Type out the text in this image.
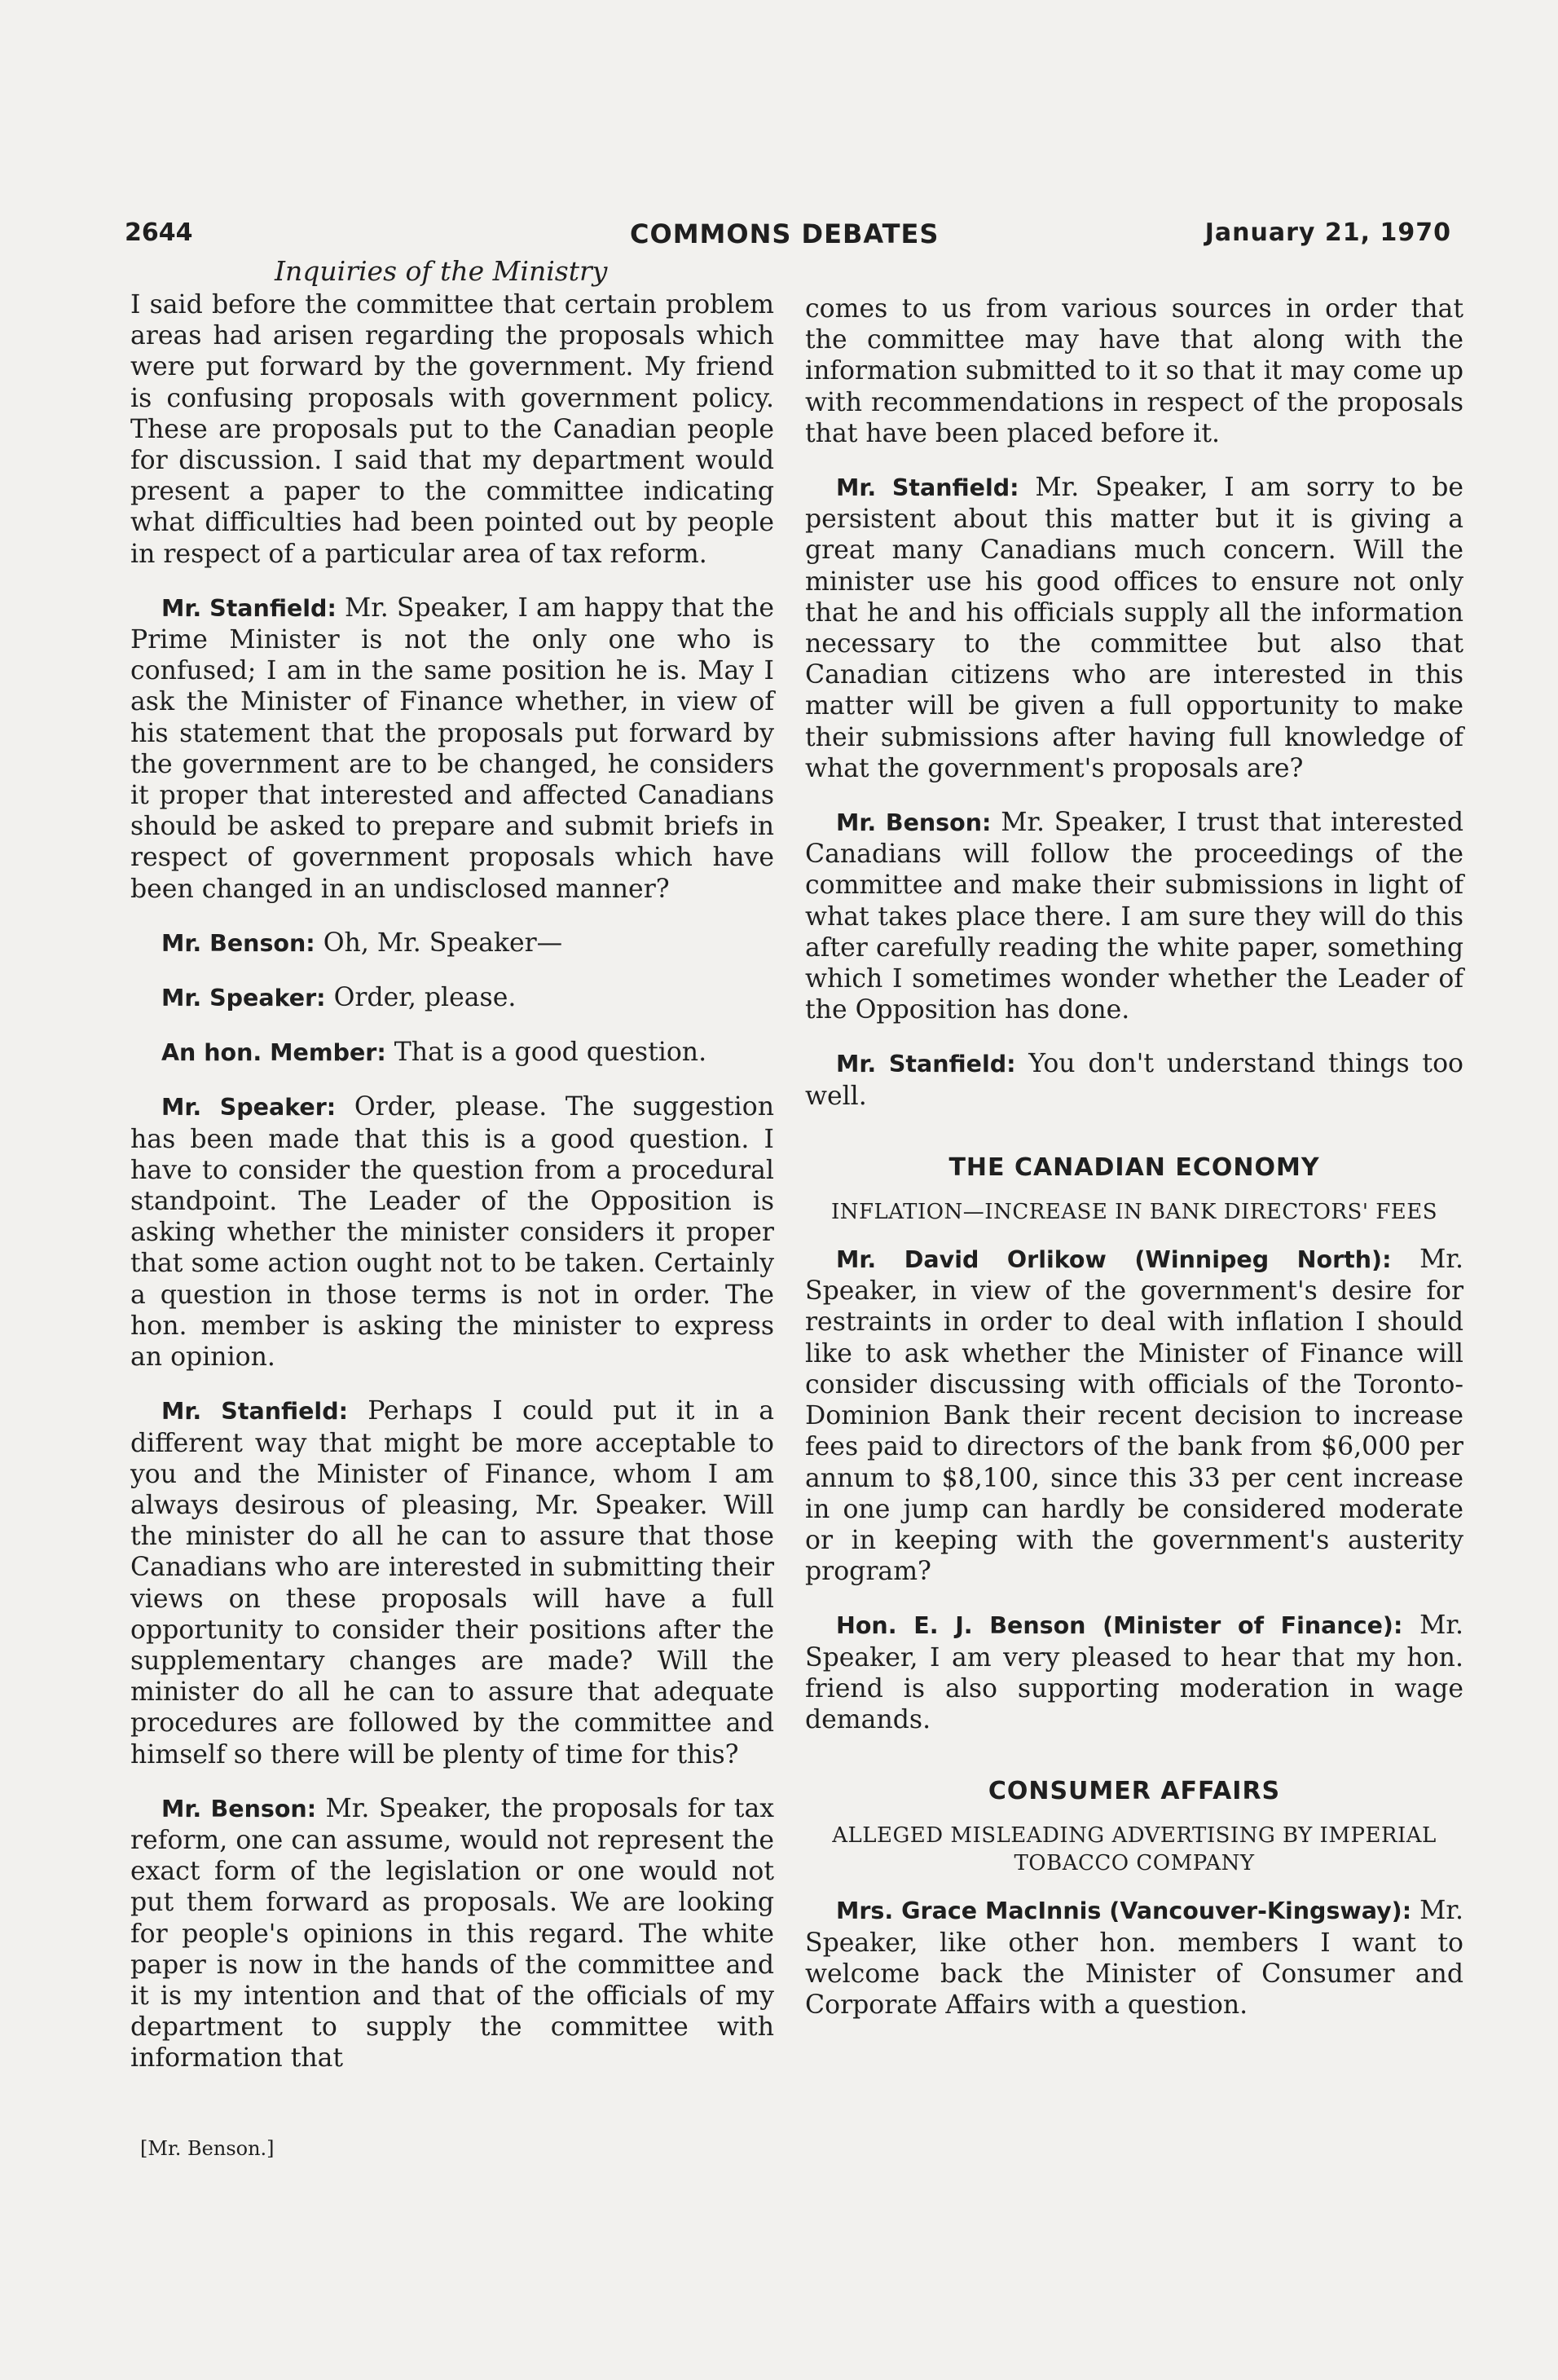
2644	COMMONS DEBATES	January 21, 1970
Inquiries of the Ministry

I said before the committee that certain problem areas had arisen regarding the proposals which were put forward by the government. My friend is confusing proposals with government policy. These are proposals put to the Canadian people for discussion. I said that my department would present a paper to the committee indicating what difficulties had been pointed out by people in respect of a particular area of tax reform.

Mr. Stanfield: Mr. Speaker, I am happy that the Prime Minister is not the only one who is confused; I am in the same position he is. May I ask the Minister of Finance whether, in view of his statement that the proposals put forward by the government are to be changed, he considers it proper that interested and affected Canadians should be asked to prepare and submit briefs in respect of government proposals which have been changed in an undisclosed manner?

Mr. Benson: Oh, Mr. Speaker—

Mr. Speaker: Order, please.

An hon. Member: That is a good question.

Mr. Speaker: Order, please. The suggestion has been made that this is a good question. I have to consider the question from a procedural standpoint. The Leader of the Opposition is asking whether the minister considers it proper that some action ought not to be taken. Certainly a question in those terms is not in order. The hon. member is asking the minister to express an opinion.

Mr. Stanfield: Perhaps I could put it in a different way that might be more acceptable to you and the Minister of Finance, whom I am always desirous of pleasing, Mr. Speaker. Will the minister do all he can to assure that those Canadians who are interested in submitting their views on these proposals will have a full opportunity to consider their positions after the supplementary changes are made? Will the minister do all he can to assure that adequate procedures are followed by the committee and himself so there will be plenty of time for this?

Mr. Benson: Mr. Speaker, the proposals for tax reform, one can assume, would not represent the exact form of the legislation or one would not put them forward as proposals. We are looking for people's opinions in this regard. The white paper is now in the hands of the committee and it is my intention and that of the officials of my department to supply the committee with information that

[Mr. Benson.]

comes to us from various sources in order that the committee may have that along with the information submitted to it so that it may come up with recommendations in respect of the proposals that have been placed before it.

Mr. Stanfield: Mr. Speaker, I am sorry to be persistent about this matter but it is giving a great many Canadians much concern. Will the minister use his good offices to ensure not only that he and his officials supply all the information necessary to the committee but also that Canadian citizens who are interested in this matter will be given a full opportunity to make their submissions after having full knowledge of what the government's proposals are?

Mr. Benson: Mr. Speaker, I trust that interested Canadians will follow the proceedings of the committee and make their submissions in light of what takes place there. I am sure they will do this after carefully reading the white paper, something which I sometimes wonder whether the Leader of the Opposition has done.

Mr. Stanfield: You don't understand things too well.

THE CANADIAN ECONOMY
INFLATION—INCREASE IN BANK DIRECTORS' FEES

Mr. David Orlikow (Winnipeg North): Mr. Speaker, in view of the government's desire for restraints in order to deal with inflation I should like to ask whether the Minister of Finance will consider discussing with officials of the Toronto-Dominion Bank their recent decision to increase fees paid to directors of the bank from $6,000 per annum to $8,100, since this 33 per cent increase in one jump can hardly be considered moderate or in keeping with the government's austerity program?

Hon. E. J. Benson (Minister of Finance): Mr. Speaker, I am very pleased to hear that my hon. friend is also supporting moderation in wage demands.

CONSUMER AFFAIRS
ALLEGED MISLEADING ADVERTISING BY IMPERIAL TOBACCO COMPANY

Mrs. Grace MacInnis (Vancouver-Kingsway): Mr. Speaker, like other hon. members I want to welcome back the Minister of Consumer and Corporate Affairs with a question.
